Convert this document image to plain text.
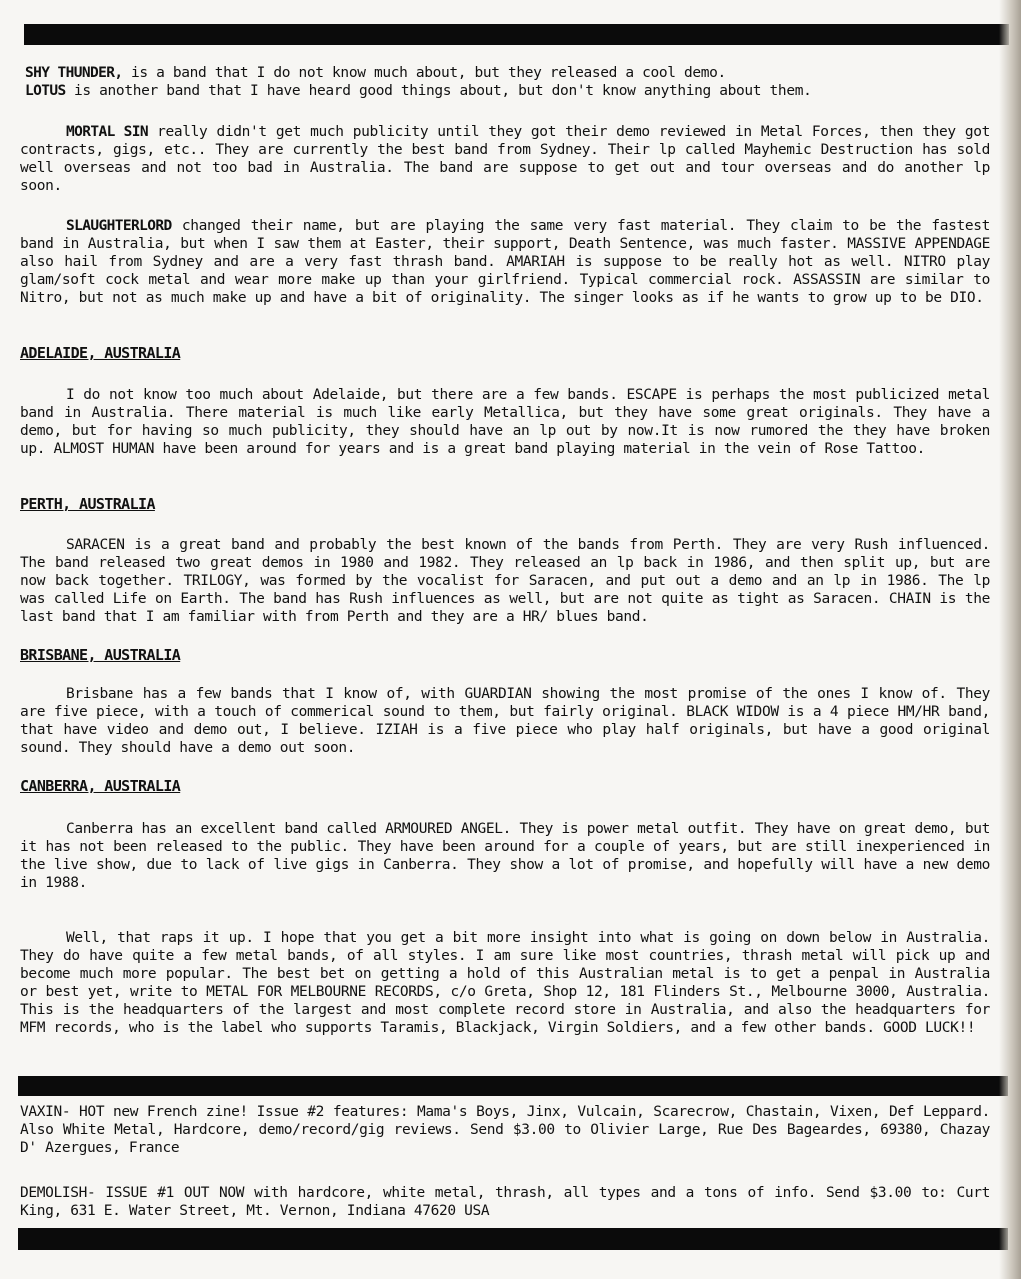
SHY THUNDER, is a band that I do not know much about, but they released a cool demo.

LOTUS is another band that I have heard good things about, but don't know anything about them.

MORTAL SIN really didn't get much publicity until they got their demo reviewed in Metal Forces, then they got contracts, gigs, etc.. They are currently the best band from Sydney. Their lp called Mayhemic Destruction has sold well overseas and not too bad in Australia. The band are suppose to get out and tour overseas and do another lp soon.

SLAUGHTERLORD changed their name, but are playing the same very fast material. They claim to be the fastest band in Australia, but when I saw them at Easter, their support, Death Sentence, was much faster. MASSIVE APPENDAGE also hail from Sydney and are a very fast thrash band. AMARIAH is suppose to be really hot as well. NITRO play glam/soft cock metal and wear more make up than your girlfriend. Typical commercial rock. ASSASSIN are similar to Nitro, but not as much make up and have a bit of originality. The singer looks as if he wants to grow up to be DIO.

ADELAIDE, AUSTRALIA

I do not know too much about Adelaide, but there are a few bands. ESCAPE is perhaps the most publicized metal band in Australia. There material is much like early Metallica, but they have some great originals. They have a demo, but for having so much publicity, they should have an lp out by now.It is now rumored the they have broken up. ALMOST HUMAN have been around for years and is a great band playing material in the vein of Rose Tattoo.

PERTH, AUSTRALIA

SARACEN is a great band and probably the best known of the bands from Perth. They are very Rush influenced. The band released two great demos in 1980 and 1982. They released an lp back in 1986, and then split up, but are now back together. TRILOGY, was formed by the vocalist for Saracen, and put out a demo and an lp in 1986. The lp was called Life on Earth. The band has Rush influences as well, but are not quite as tight as Saracen. CHAIN is the last band that I am familiar with from Perth and they are a HR/ blues band.

BRISBANE, AUSTRALIA

Brisbane has a few bands that I know of, with GUARDIAN showing the most promise of the ones I know of. They are five piece, with a touch of commerical sound to them, but fairly original. BLACK WIDOW is a 4 piece HM/HR band, that have video and demo out, I believe. IZIAH is a five piece who play half originals, but have a good original sound. They should have a demo out soon.

CANBERRA, AUSTRALIA

Canberra has an excellent band called ARMOURED ANGEL. They is power metal outfit. They have on great demo, but it has not been released to the public. They have been around for a couple of years, but are still inexperienced in the live show, due to lack of live gigs in Canberra. They show a lot of promise, and hopefully will have a new demo in 1988.

Well, that raps it up. I hope that you get a bit more insight into what is going on down below in Australia. They do have quite a few metal bands, of all styles. I am sure like most countries, thrash metal will pick up and become much more popular. The best bet on getting a hold of this Australian metal is to get a penpal in Australia or best yet, write to METAL FOR MELBOURNE RECORDS, c/o Greta, Shop 12, 181 Flinders St., Melbourne 3000, Australia. This is the headquarters of the largest and most complete record store in Australia, and also the headquarters for MFM records, who is the label who supports Taramis, Blackjack, Virgin Soldiers, and a few other bands. GOOD LUCK!!

VAXIN- HOT new French zine! Issue #2 features: Mama's Boys, Jinx, Vulcain, Scarecrow, Chastain, Vixen, Def Leppard. Also White Metal, Hardcore, demo/record/gig reviews. Send $3.00 to Olivier Large, Rue Des Bageardes, 69380, Chazay D' Azergues, France

DEMOLISH- ISSUE #1 OUT NOW with hardcore, white metal, thrash, all types and a tons of info. Send $3.00 to: Curt King, 631 E. Water Street, Mt. Vernon, Indiana 47620 USA
